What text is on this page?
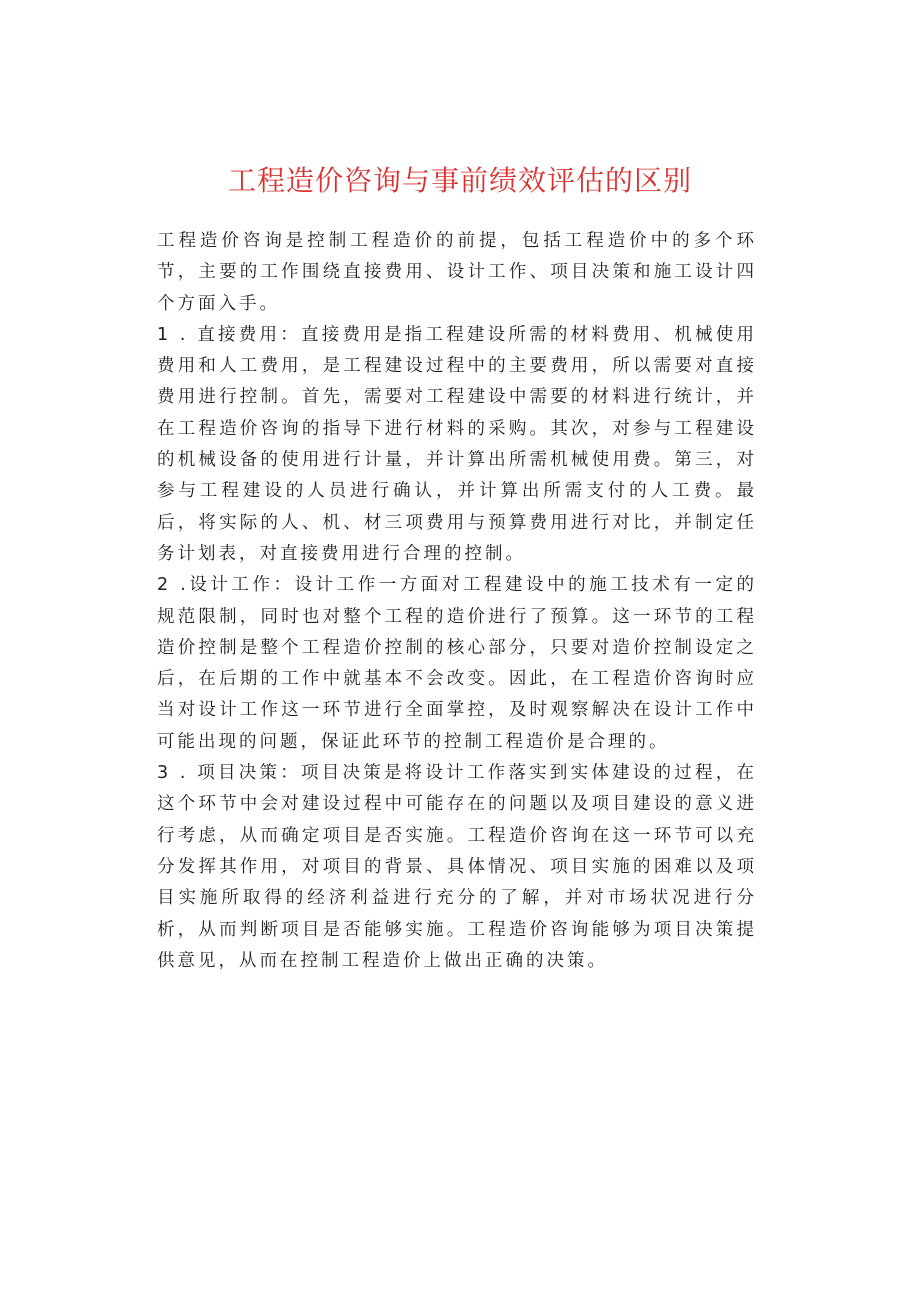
工程造价咨询与事前绩效评估的区别

工程造价咨询是控制工程造价的前提，包括工程造价中的多个环节，主要的工作围绕直接费用、设计工作、项目决策和施工设计四个方面入手。

1 . 直接费用：直接费用是指工程建设所需的材料费用、机械使用费用和人工费用，是工程建设过程中的主要费用，所以需要对直接费用进行控制。首先，需要对工程建设中需要的材料进行统计，并在工程造价咨询的指导下进行材料的采购。其次，对参与工程建设的机械设备的使用进行计量，并计算出所需机械使用费。第三，对参与工程建设的人员进行确认，并计算出所需支付的人工费。最后，将实际的人、机、材三项费用与预算费用进行对比，并制定任务计划表，对直接费用进行合理的控制。

2 .设计工作：设计工作一方面对工程建设中的施工技术有一定的规范限制，同时也对整个工程的造价进行了预算。这一环节的工程造价控制是整个工程造价控制的核心部分，只要对造价控制设定之后，在后期的工作中就基本不会改变。因此，在工程造价咨询时应当对设计工作这一环节进行全面掌控，及时观察解决在设计工作中可能出现的问题，保证此环节的控制工程造价是合理的。

3 . 项目决策：项目决策是将设计工作落实到实体建设的过程，在这个环节中会对建设过程中可能存在的问题以及项目建设的意义进行考虑，从而确定项目是否实施。工程造价咨询在这一环节可以充分发挥其作用，对项目的背景、具体情况、项目实施的困难以及项目实施所取得的经济利益进行充分的了解，并对市场状况进行分析，从而判断项目是否能够实施。工程造价咨询能够为项目决策提供意见，从而在控制工程造价上做出正确的决策。
